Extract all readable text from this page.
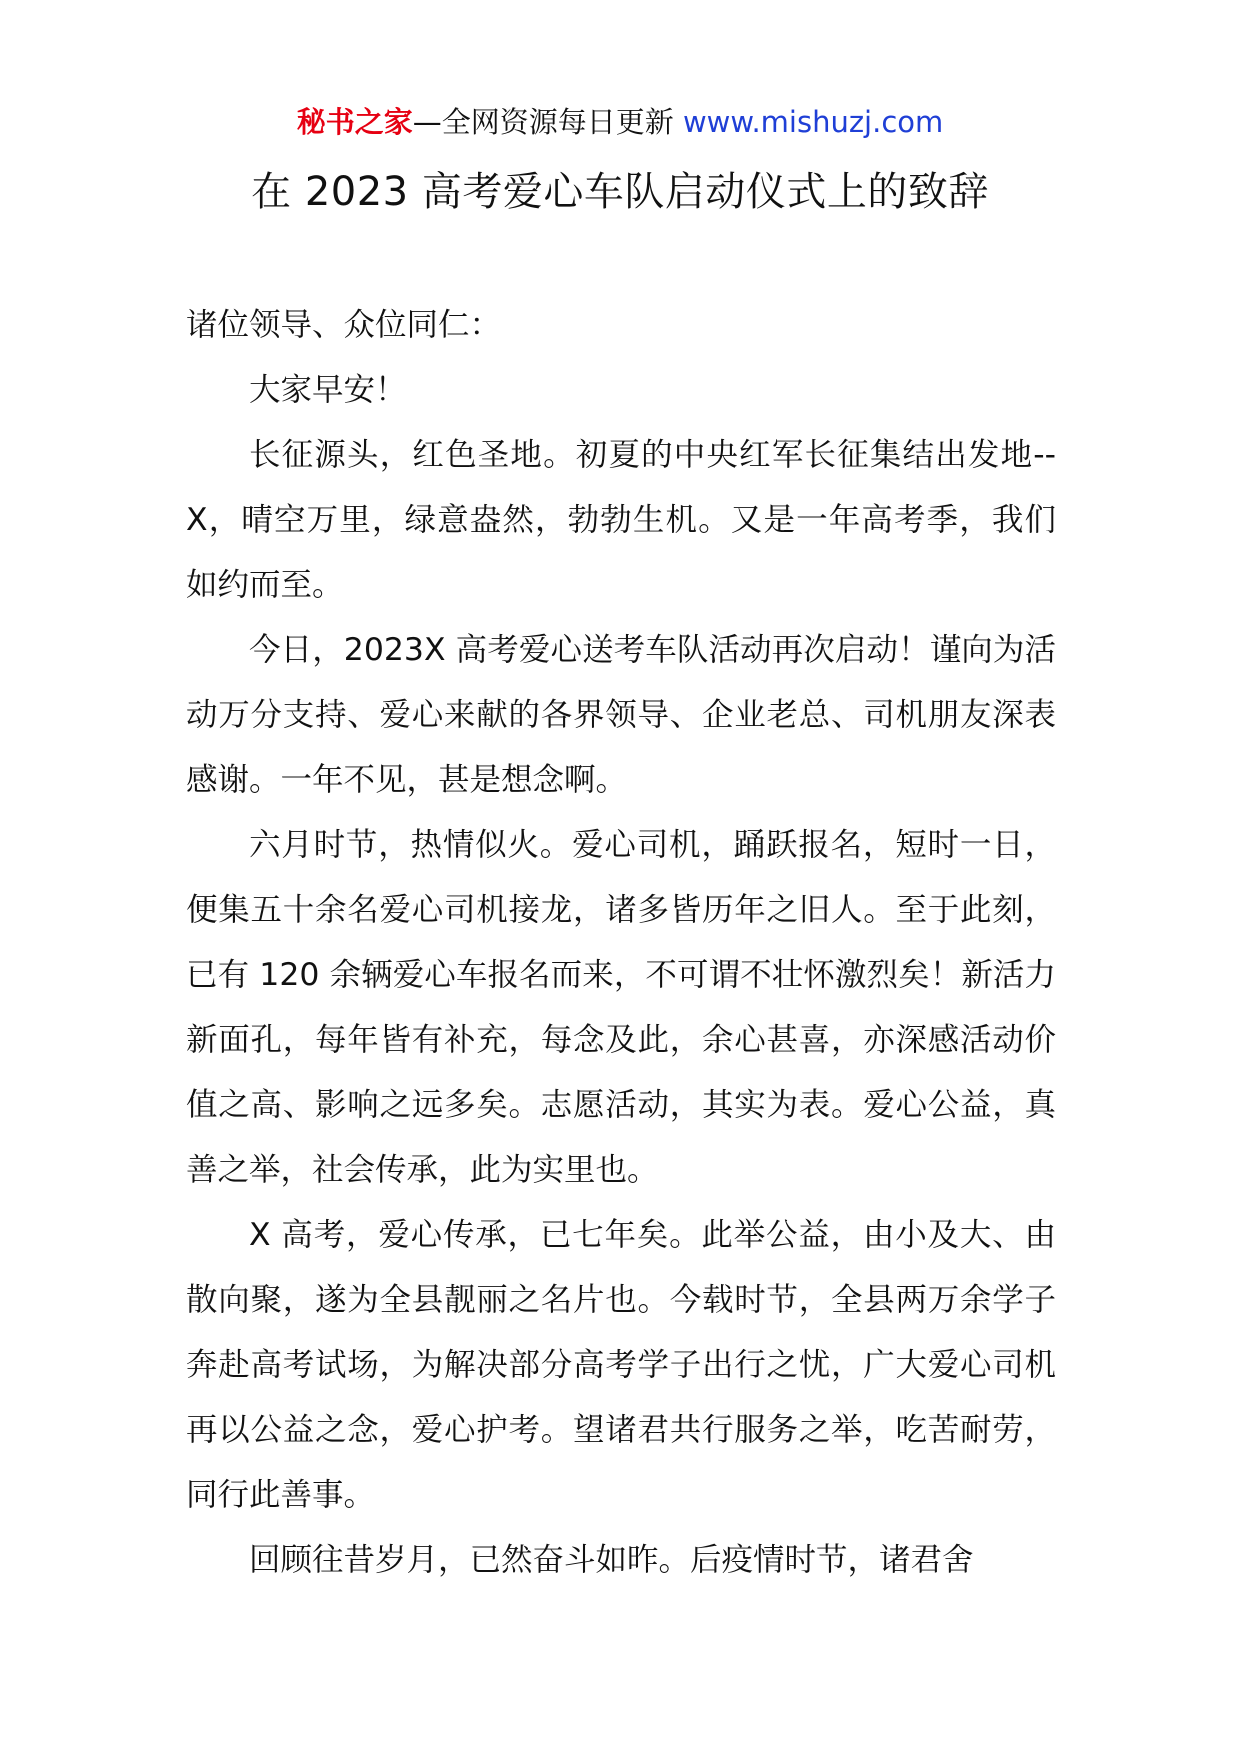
秘书之家—全网资源每日更新 www.mishuzj.com
在 2023 高考爱心车队启动仪式上的致辞

诸位领导、众位同仁：

大家早安！

长征源头，红色圣地。初夏的中央红军长征集结出发地--X，晴空万里，绿意盎然，勃勃生机。又是一年高考季，我们如约而至。

今日，2023X 高考爱心送考车队活动再次启动！谨向为活动万分支持、爱心来献的各界领导、企业老总、司机朋友深表感谢。一年不见，甚是想念啊。

六月时节，热情似火。爱心司机，踊跃报名，短时一日，便集五十余名爱心司机接龙，诸多皆历年之旧人。至于此刻，已有 120 余辆爱心车报名而来，不可谓不壮怀激烈矣！新活力新面孔，每年皆有补充，每念及此，余心甚喜，亦深感活动价值之高、影响之远多矣。志愿活动，其实为表。爱心公益，真善之举，社会传承，此为实里也。

X 高考，爱心传承，已七年矣。此举公益，由小及大、由散向聚，遂为全县靓丽之名片也。今载时节，全县两万余学子奔赴高考试场，为解决部分高考学子出行之忧，广大爱心司机再以公益之念，爱心护考。望诸君共行服务之举，吃苦耐劳，同行此善事。

回顾往昔岁月，已然奋斗如昨。后疫情时节，诸君舍
